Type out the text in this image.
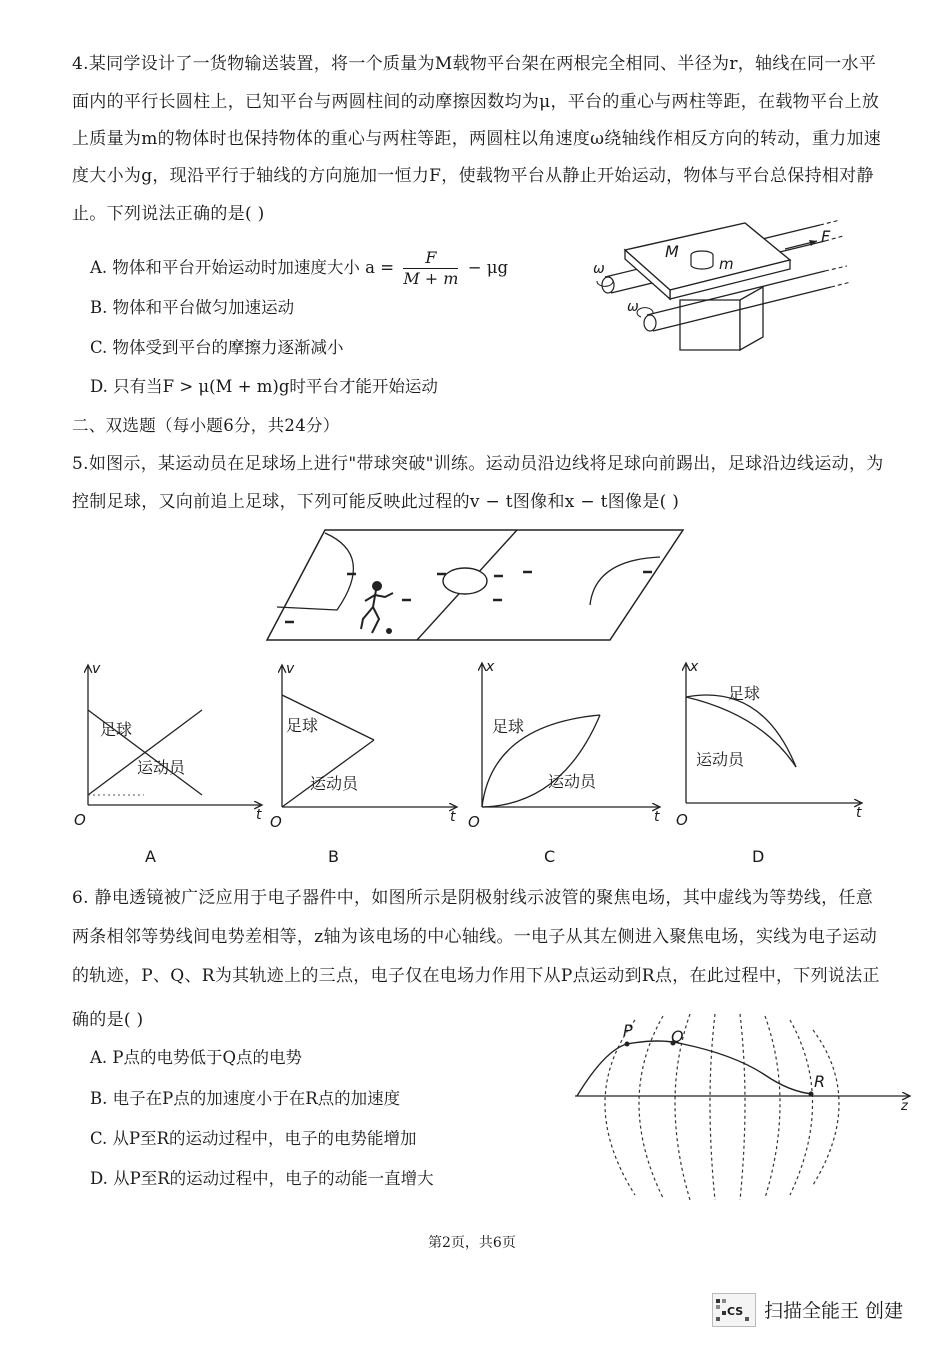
4.某同学设计了一货物输送装置，将一个质量为M载物平台架在两根完全相同、半径为r，轴线在同一水平
面内的平行长圆柱上，已知平台与两圆柱间的动摩擦因数均为μ，平台的重心与两柱等距，在载物平台上放
上质量为m的物体时也保持物体的重心与两柱等距，两圆柱以角速度ω绕轴线作相反方向的转动，重力加速
度大小为g，现沿平行于轴线的方向施加一恒力F，使载物平台从静止开始运动，物体与平台总保持相对静
止。下列说法正确的是( )
A. 物体和平台开始运动时加速度大小 $a = \frac{F}{M + m} - \mu g$
B. 物体和平台做匀加速运动
C. 物体受到平台的摩擦力逐渐减小
D. 只有当F > μ(M + m)g时平台才能开始运动
M
m
F
ω
ω
二、双选题（每小题6分，共24分）
5.如图示，某运动员在足球场上进行"带球突破"训练。运动员沿边线将足球向前踢出，足球沿边线运动，为
控制足球，又向前追上足球，下列可能反映此过程的v − t图像和x − t图像是( )
v
t
O
足球
运动员
A
v
t
O
足球
运动员
B
x
t
O
足球
运动员
C
x
t
O
足球
运动员
D
6. 静电透镜被广泛应用于电子器件中，如图所示是阴极射线示波管的聚焦电场，其中虚线为等势线，任意
两条相邻等势线间电势差相等，z轴为该电场的中心轴线。一电子从其左侧进入聚焦电场，实线为电子运动
的轨迹，P、Q、R为其轨迹上的三点，电子仅在电场力作用下从P点运动到R点，在此过程中，下列说法正
确的是( )
A. P点的电势低于Q点的电势
B. 电子在P点的加速度小于在R点的加速度
C. 从P至R的运动过程中，电子的电势能增加
D. 从P至R的运动过程中，电子的动能一直增大
P Q
R
z
第2页，共6页
CS 扫描全能王 创建
